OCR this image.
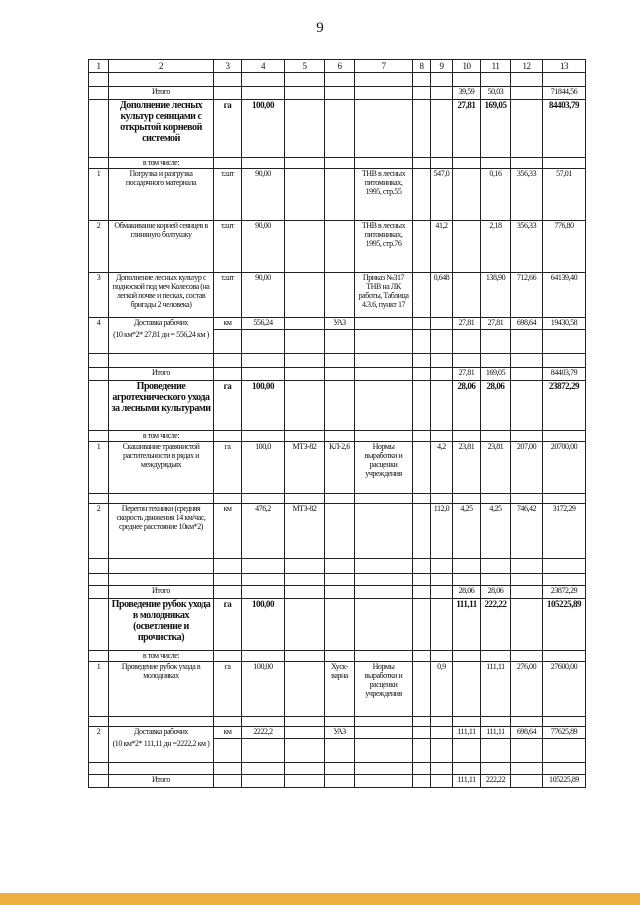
9
1	2	3	4	5	6	7	8	9	10	11	12	13

	Итого								39,59	50,03		71844,56
	Дополнение лесных культур сеянцами с открытой корневой системой	га	100,00						27,81	169,05		84403,79
	в том числе:											
1	Погрузка и разгрузка посадочного материала	т.шт	90,00			ТНВ в лесных питомниках, 1995, стр.55		547,0		0,16	356,33	57,01
2	Обмакивание корней сеянцев в глиняную болтушку	т.шт	90,00			ТНВ в лесных питомниках, 1995, стр.76		41,2		2,18	356,33	776,80
3	Дополнение лесных культур с подноской под меч Колесова (на легкой почве и песках, состав бригады 2 человека)	т.шт	90,00			Приказ №317 ТНВ на ЛК работы, Таблица 4.3.6, пункт 17		0,648		138,90	712,66	64139,40
4	Доставка рабочих	км	556,24		УАЗ				27,81	27,81	698,64	19430,58
	(10 км*2* 27,81 дн = 556,24 км )											

	Итого								27,81	169,05		84403,79
	Проведение агротехнического ухода за лесными культурами	га	100,00						28,06	28,06		23872,29
	в том числе:											
1	Скашивание травянистой растительности в рядах и междурядьях	га	100,0	МТЗ-82	КЛ-2,6	Нормы выработки и расценки учреждения		4,2	23,81	23,81	207,00	20700,00

2	Перегон техники (средняя скорость движения 14 км/час, среднее расстояние 10км*2)	км	476,2	МТЗ-82				112,0	4,25	4,25	746,42	3172,29

	Итого								28,06	28,06		23872,29
	Проведение рубок ухода в молодняках (осветление и прочистка)	га	100,00						111,11	222,22		105225,89
	в том числе:											
1	Проведение рубок ухода в молодняках	га	100,00		Хуск-варна	Нормы выработки и расценки учреждения		0,9		111,11	276,00	27600,00

2	Доставка рабочих	км	2222,2		УАЗ				111,11	111,11	698,64	77625,89
	(10 км*2* 111,11 дн =2222,2 км )											

	Итого								111,11	222,22		105225,89
